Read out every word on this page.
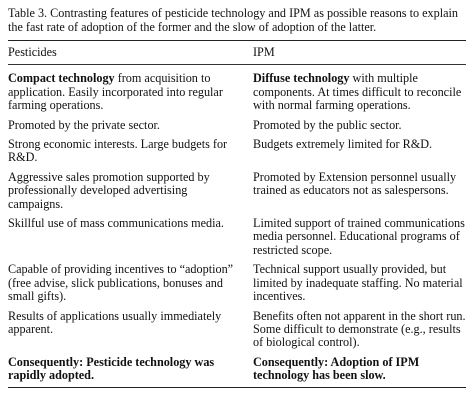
Table 3. Contrasting features of pesticide technology and IPM as possible reasons to explain the fast rate of adoption of the former and the slow of adoption of the latter.

Pesticides	IPM
Compact technology from acquisition to application. Easily incorporated into regular farming operations.	Diffuse technology with multiple components. At times difficult to reconcile with normal farming operations.
Promoted by the private sector.	Promoted by the public sector.
Strong economic interests. Large budgets for R&D.	Budgets extremely limited for R&D.
Aggressive sales promotion supported by professionally developed advertising campaigns.	Promoted by Extension personnel usually trained as educators not as salespersons.
Skillful use of mass communications media.	Limited support of trained communications media personnel. Educational programs of restricted scope.
Capable of providing incentives to “adoption” (free advise, slick publications, bonuses and small gifts).	Technical support usually provided, but limited by inadequate staffing. No material incentives.
Results of applications usually immediately apparent.	Benefits often not apparent in the short run. Some difficult to demonstrate (e.g., results of biological control).
Consequently: Pesticide technology was rapidly adopted.	Consequently: Adoption of IPM technology has been slow.
